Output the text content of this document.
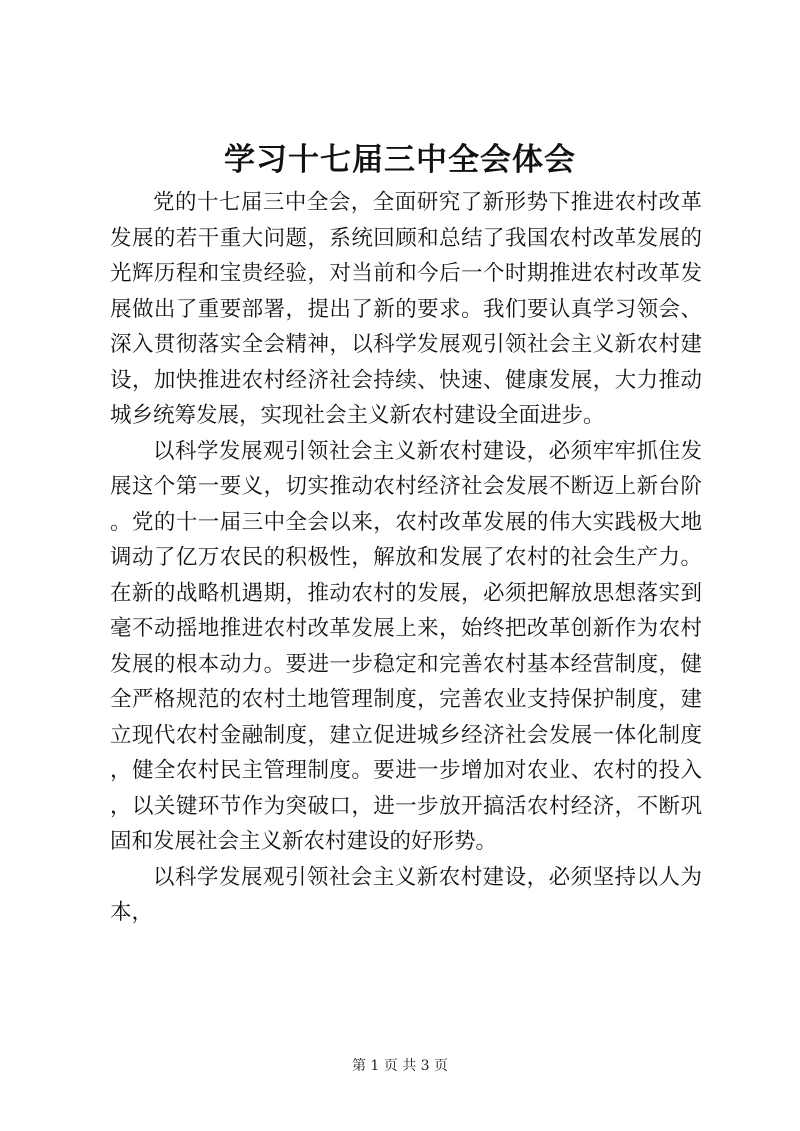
学习十七届三中全会体会

党的十七届三中全会，全面研究了新形势下推进农村改革发展的若干重大问题，系统回顾和总结了我国农村改革发展的光辉历程和宝贵经验，对当前和今后一个时期推进农村改革发展做出了重要部署，提出了新的要求。我们要认真学习领会、深入贯彻落实全会精神，以科学发展观引领社会主义新农村建设，加快推进农村经济社会持续、快速、健康发展，大力推动城乡统筹发展，实现社会主义新农村建设全面进步。

以科学发展观引领社会主义新农村建设，必须牢牢抓住发展这个第一要义，切实推动农村经济社会发展不断迈上新台阶。党的十一届三中全会以来，农村改革发展的伟大实践极大地调动了亿万农民的积极性，解放和发展了农村的社会生产力。在新的战略机遇期，推动农村的发展，必须把解放思想落实到毫不动摇地推进农村改革发展上来，始终把改革创新作为农村发展的根本动力。要进一步稳定和完善农村基本经营制度，健全严格规范的农村土地管理制度，完善农业支持保护制度，建立现代农村金融制度，建立促进城乡经济社会发展一体化制度，健全农村民主管理制度。要进一步增加对农业、农村的投入，以关键环节作为突破口，进一步放开搞活农村经济，不断巩固和发展社会主义新农村建设的好形势。

以科学发展观引领社会主义新农村建设，必须坚持以人为本，

第 1 页 共 3 页
